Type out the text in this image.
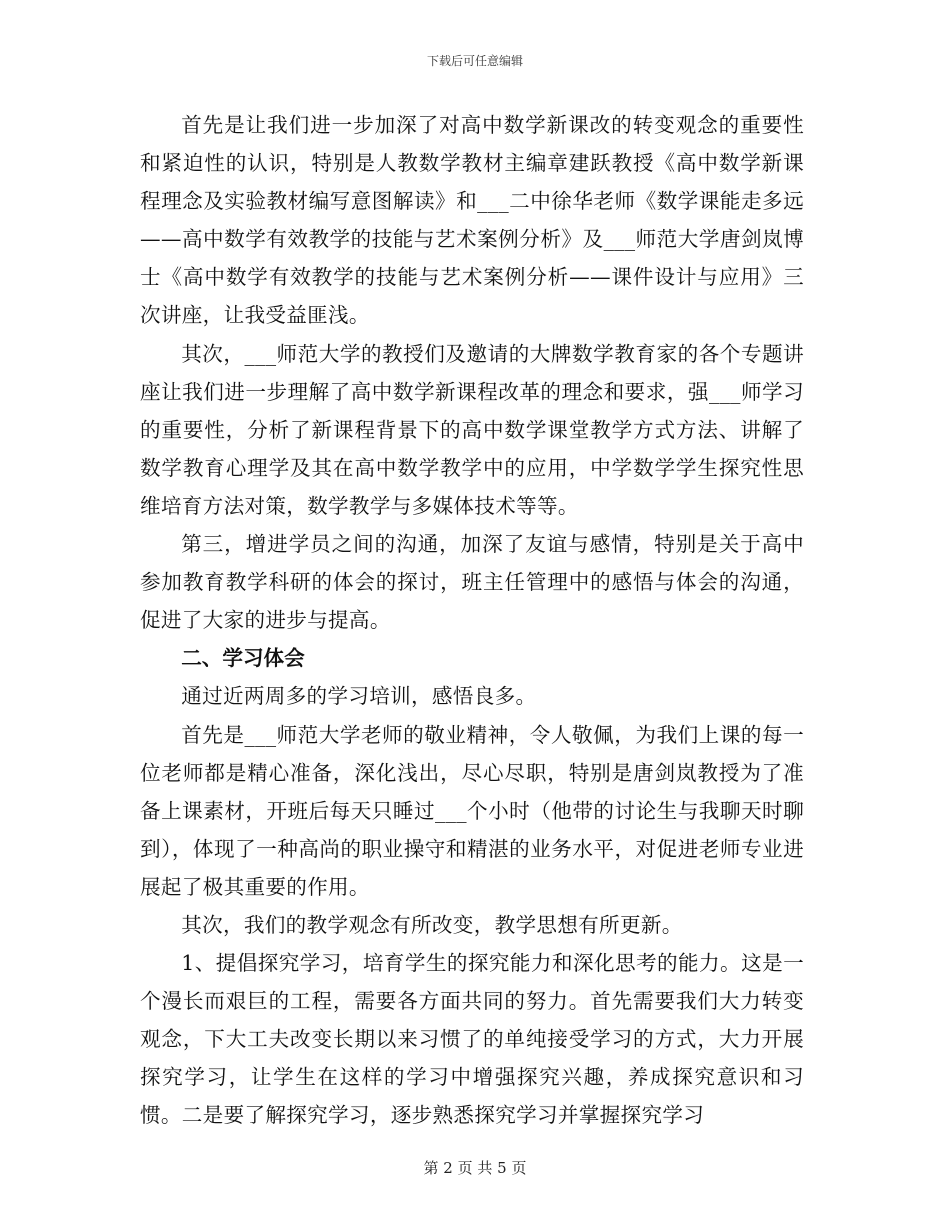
下载后可任意编辑

首先是让我们进一步加深了对高中数学新课改的转变观念的重要性和紧迫性的认识，特别是人教数学教材主编章建跃教授《高中数学新课程理念及实验教材编写意图解读》和___二中徐华老师《数学课能走多远——高中数学有效教学的技能与艺术案例分析》及___师范大学唐剑岚博士《高中数学有效教学的技能与艺术案例分析——课件设计与应用》三次讲座，让我受益匪浅。

其次，___师范大学的教授们及邀请的大牌数学教育家的各个专题讲座让我们进一步理解了高中数学新课程改革的理念和要求，强___师学习的重要性，分析了新课程背景下的高中数学课堂教学方式方法、讲解了数学教育心理学及其在高中数学教学中的应用，中学数学学生探究性思维培育方法对策，数学教学与多媒体技术等等。

第三，增进学员之间的沟通，加深了友谊与感情，特别是关于高中参加教育教学科研的体会的探讨，班主任管理中的感悟与体会的沟通，促进了大家的进步与提高。

二、学习体会

通过近两周多的学习培训，感悟良多。

首先是___师范大学老师的敬业精神，令人敬佩，为我们上课的每一位老师都是精心准备，深化浅出，尽心尽职，特别是唐剑岚教授为了准备上课素材，开班后每天只睡过___个小时（他带的讨论生与我聊天时聊到），体现了一种高尚的职业操守和精湛的业务水平，对促进老师专业进展起了极其重要的作用。

其次，我们的教学观念有所改变，教学思想有所更新。

1、提倡探究学习，培育学生的探究能力和深化思考的能力。这是一个漫长而艰巨的工程，需要各方面共同的努力。首先需要我们大力转变观念，下大工夫改变长期以来习惯了的单纯接受学习的方式，大力开展探究学习，让学生在这样的学习中增强探究兴趣，养成探究意识和习惯。二是要了解探究学习，逐步熟悉探究学习并掌握探究学习

第 2 页 共 5 页
